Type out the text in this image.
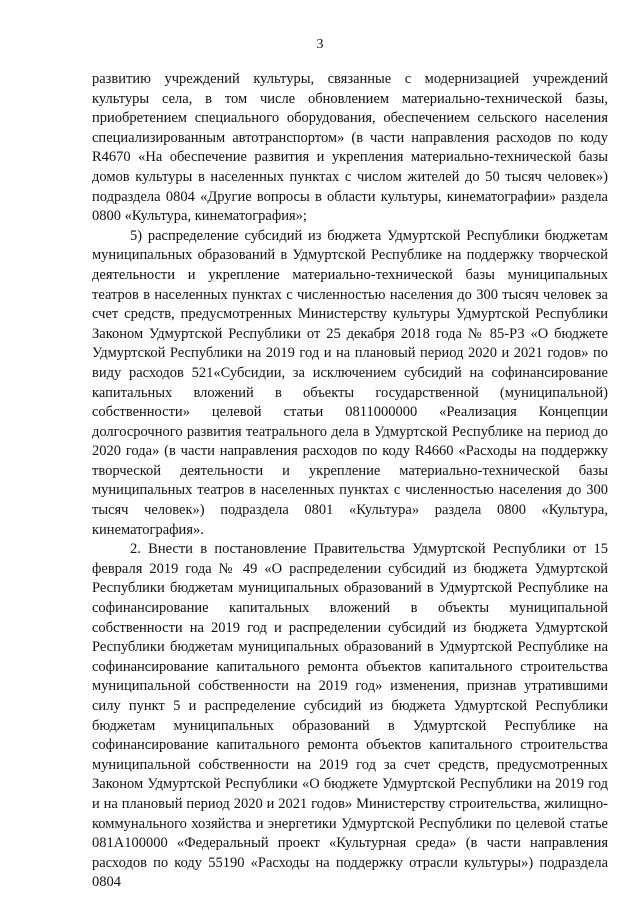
3

развитию учреждений культуры, связанные с модернизацией учреждений культуры села, в том числе обновлением материально-технической базы, приобретением специального оборудования, обеспечением сельского населения специализированным автотранспортом» (в части направления расходов по коду R4670 «На обеспечение развития и укрепления материально-технической базы домов культуры в населенных пунктах с числом жителей до 50 тысяч человек») подраздела 0804 «Другие вопросы в области культуры, кинематографии» раздела 0800 «Культура, кинематография»;

5) распределение субсидий из бюджета Удмуртской Республики бюджетам муниципальных образований в Удмуртской Республике на поддержку творческой деятельности и укрепление материально-технической базы муниципальных театров в населенных пунктах с численностью населения до 300 тысяч человек за счет средств, предусмотренных Министерству культуры Удмуртской Республики Законом Удмуртской Республики от 25 декабря 2018 года № 85-РЗ «О бюджете Удмуртской Республики на 2019 год и на плановый период 2020 и 2021 годов» по виду расходов 521«Субсидии, за исключением субсидий на софинансирование капитальных вложений в объекты государственной (муниципальной) собственности» целевой статьи 0811000000 «Реализация Концепции долгосрочного развития театрального дела в Удмуртской Республике на период до 2020 года» (в части направления расходов по коду R4660 «Расходы на поддержку творческой деятельности и укрепление материально-технической базы муниципальных театров в населенных пунктах с численностью населения до 300 тысяч человек») подраздела 0801 «Культура» раздела 0800 «Культура, кинематография».

2. Внести в постановление Правительства Удмуртской Республики от 15 февраля 2019 года № 49 «О распределении субсидий из бюджета Удмуртской Республики бюджетам муниципальных образований в Удмуртской Республике на софинансирование капитальных вложений в объекты муниципальной собственности на 2019 год и распределении субсидий из бюджета Удмуртской Республики бюджетам муниципальных образований в Удмуртской Республике на софинансирование капитального ремонта объектов капитального строительства муниципальной собственности на 2019 год» изменения, признав утратившими силу пункт 5 и распределение субсидий из бюджета Удмуртской Республики бюджетам муниципальных образований в Удмуртской Республике на софинансирование капитального ремонта объектов капитального строительства муниципальной собственности на 2019 год за счет средств, предусмотренных Законом Удмуртской Республики «О бюджете Удмуртской Республики на 2019 год и на плановый период 2020 и 2021 годов» Министерству строительства, жилищно-коммунального хозяйства и энергетики Удмуртской Республики по целевой статье 081A100000 «Федеральный проект «Культурная среда» (в части направления расходов по коду 55190 «Расходы на поддержку отрасли культуры») подраздела 0804
